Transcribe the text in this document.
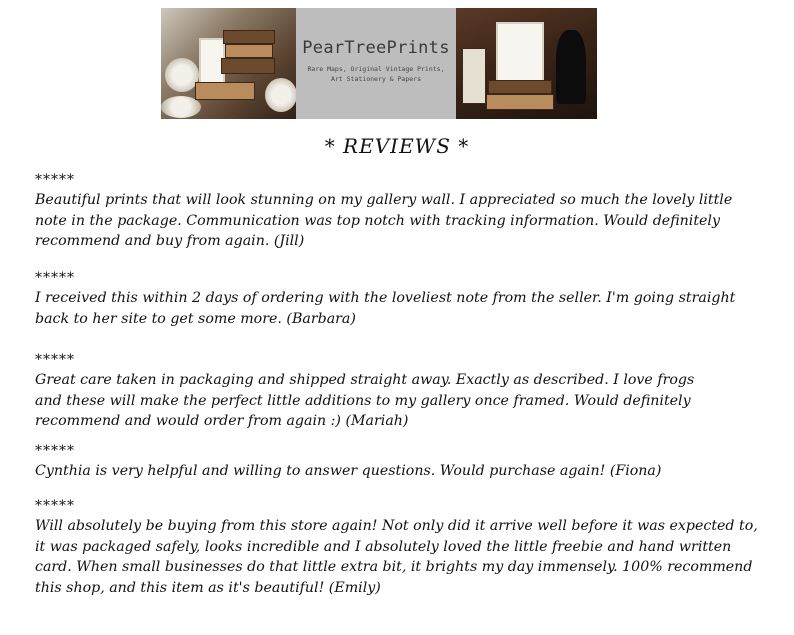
PearTreePrints
Rare Maps, Original Vintage Prints, Art Stationery & Papers
* REVIEWS *
*****

Beautiful prints that will look stunning on my gallery wall. I appreciated so much the lovely little note in the package. Communication was top notch with tracking information. Would definitely recommend and buy from again. (Jill)

*****

I received this within 2 days of ordering with the loveliest note from the seller. I'm going straight back to her site to get some more. (Barbara)

*****

Great care taken in packaging and shipped straight away. Exactly as described. I love frogs and these will make the perfect little additions to my gallery once framed. Would definitely recommend and would order from again :) (Mariah)

*****

Cynthia is very helpful and willing to answer questions. Would purchase again! (Fiona)

*****

Will absolutely be buying from this store again! Not only did it arrive well before it was expected to, it was packaged safely, looks incredible and I absolutely loved the little freebie and hand written card. When small businesses do that little extra bit, it brights my day immensely. 100% recommend this shop, and this item as it's beautiful! (Emily)
